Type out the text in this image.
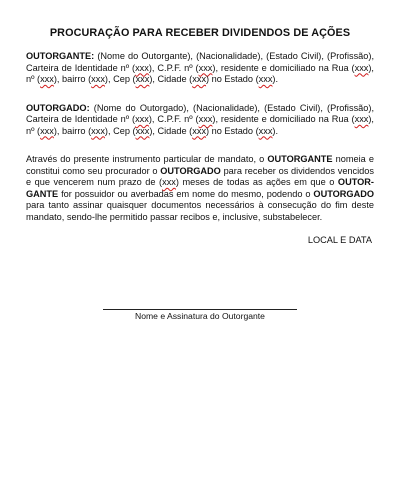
PROCURAÇÃO PARA RECEBER DIVIDENDOS DE AÇÕES

OUTORGANTE: (Nome do Outorgante), (Nacionalidade), (Estado Civil), (Profissão), Carteira de Identidade nº (xxx), C.P.F. nº (xxx), residente e domiciliado na Rua (xxx), nº (xxx), bairro (xxx), Cep (xxx), Cidade (xxx) no Estado (xxx).

OUTORGADO: (Nome do Outorgado), (Nacionalidade), (Estado Civil), (Profissão), Carteira de Identidade nº (xxx), C.P.F. nº (xxx), residente e domiciliado na Rua (xxx), nº (xxx), bairro (xxx), Cep (xxx), Cidade (xxx) no Estado (xxx).

Através do presente instrumento particular de mandato, o OUTORGANTE nomeia e constitui como seu procurador o OUTORGADO para receber os dividendos vencidos e que vencerem num prazo de (xxx) meses de todas as ações em que o OUTOR-GANTE for possuidor ou averbadas em nome do mesmo, podendo o OUTORGADO para tanto assinar quaisquer documentos necessários à consecução do fim deste mandato, sendo-lhe permitido passar recibos e, inclusive, substabelecer.

LOCAL E DATA
Nome e Assinatura do Outorgante
